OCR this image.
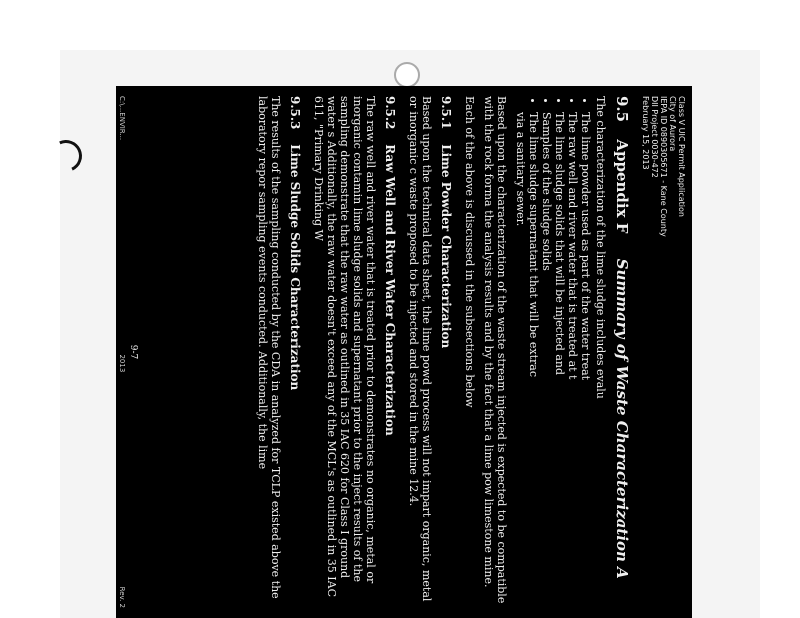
Class V UIC Permit Application
City of Aurora
IEPA ID 0890305671 - Kane County
DII Project 0030-472
February 15, 2013
9.5 Appendix F Summary of Waste Characterization A
The characterization of the lime sludge includes evalu
• The lime powder used as part of the water treat
• The raw well and river water that is treated at t
• The lime sludge solids that will be injected and
• Samples of the sludge solids
• The lime sludge supernatant that will be extrac
via a sanitary sewer.
Based upon the characterization of the waste stream injected is expected to be compatible with the rock forma the analysis results and by the fact that a lime pow limestone mine.
Each of the above is discussed in the subsections below
9.5.1 Lime Powder Characterization
Based upon the technical data sheet, the lime powd process will not impart organic, metal or inorganic c waste proposed to be injected and stored in the mine 12.4.
9.5.2 Raw Well and River Water Characterization
The raw well and river water that is treated prior to demonstrates no organic, metal or inorganic contamin lime sludge solids and supernatant prior to the inject results of the sampling demonstrate that the raw water as outlined in 35 IAC 620 for Class I ground water s Additionally, the raw water doesn't exceed any of the MCL's as outlined in 35 IAC 611, "Primary Drinking W
9.5.3 Lime Sludge Solids Characterization
The results of the sampling conducted by the CDA in analyzed for TCLP existed above the laboratory repor sampling events conducted. Additionally, the lime
9-7
C:\...ENVIR...
2013
Rev. 2
